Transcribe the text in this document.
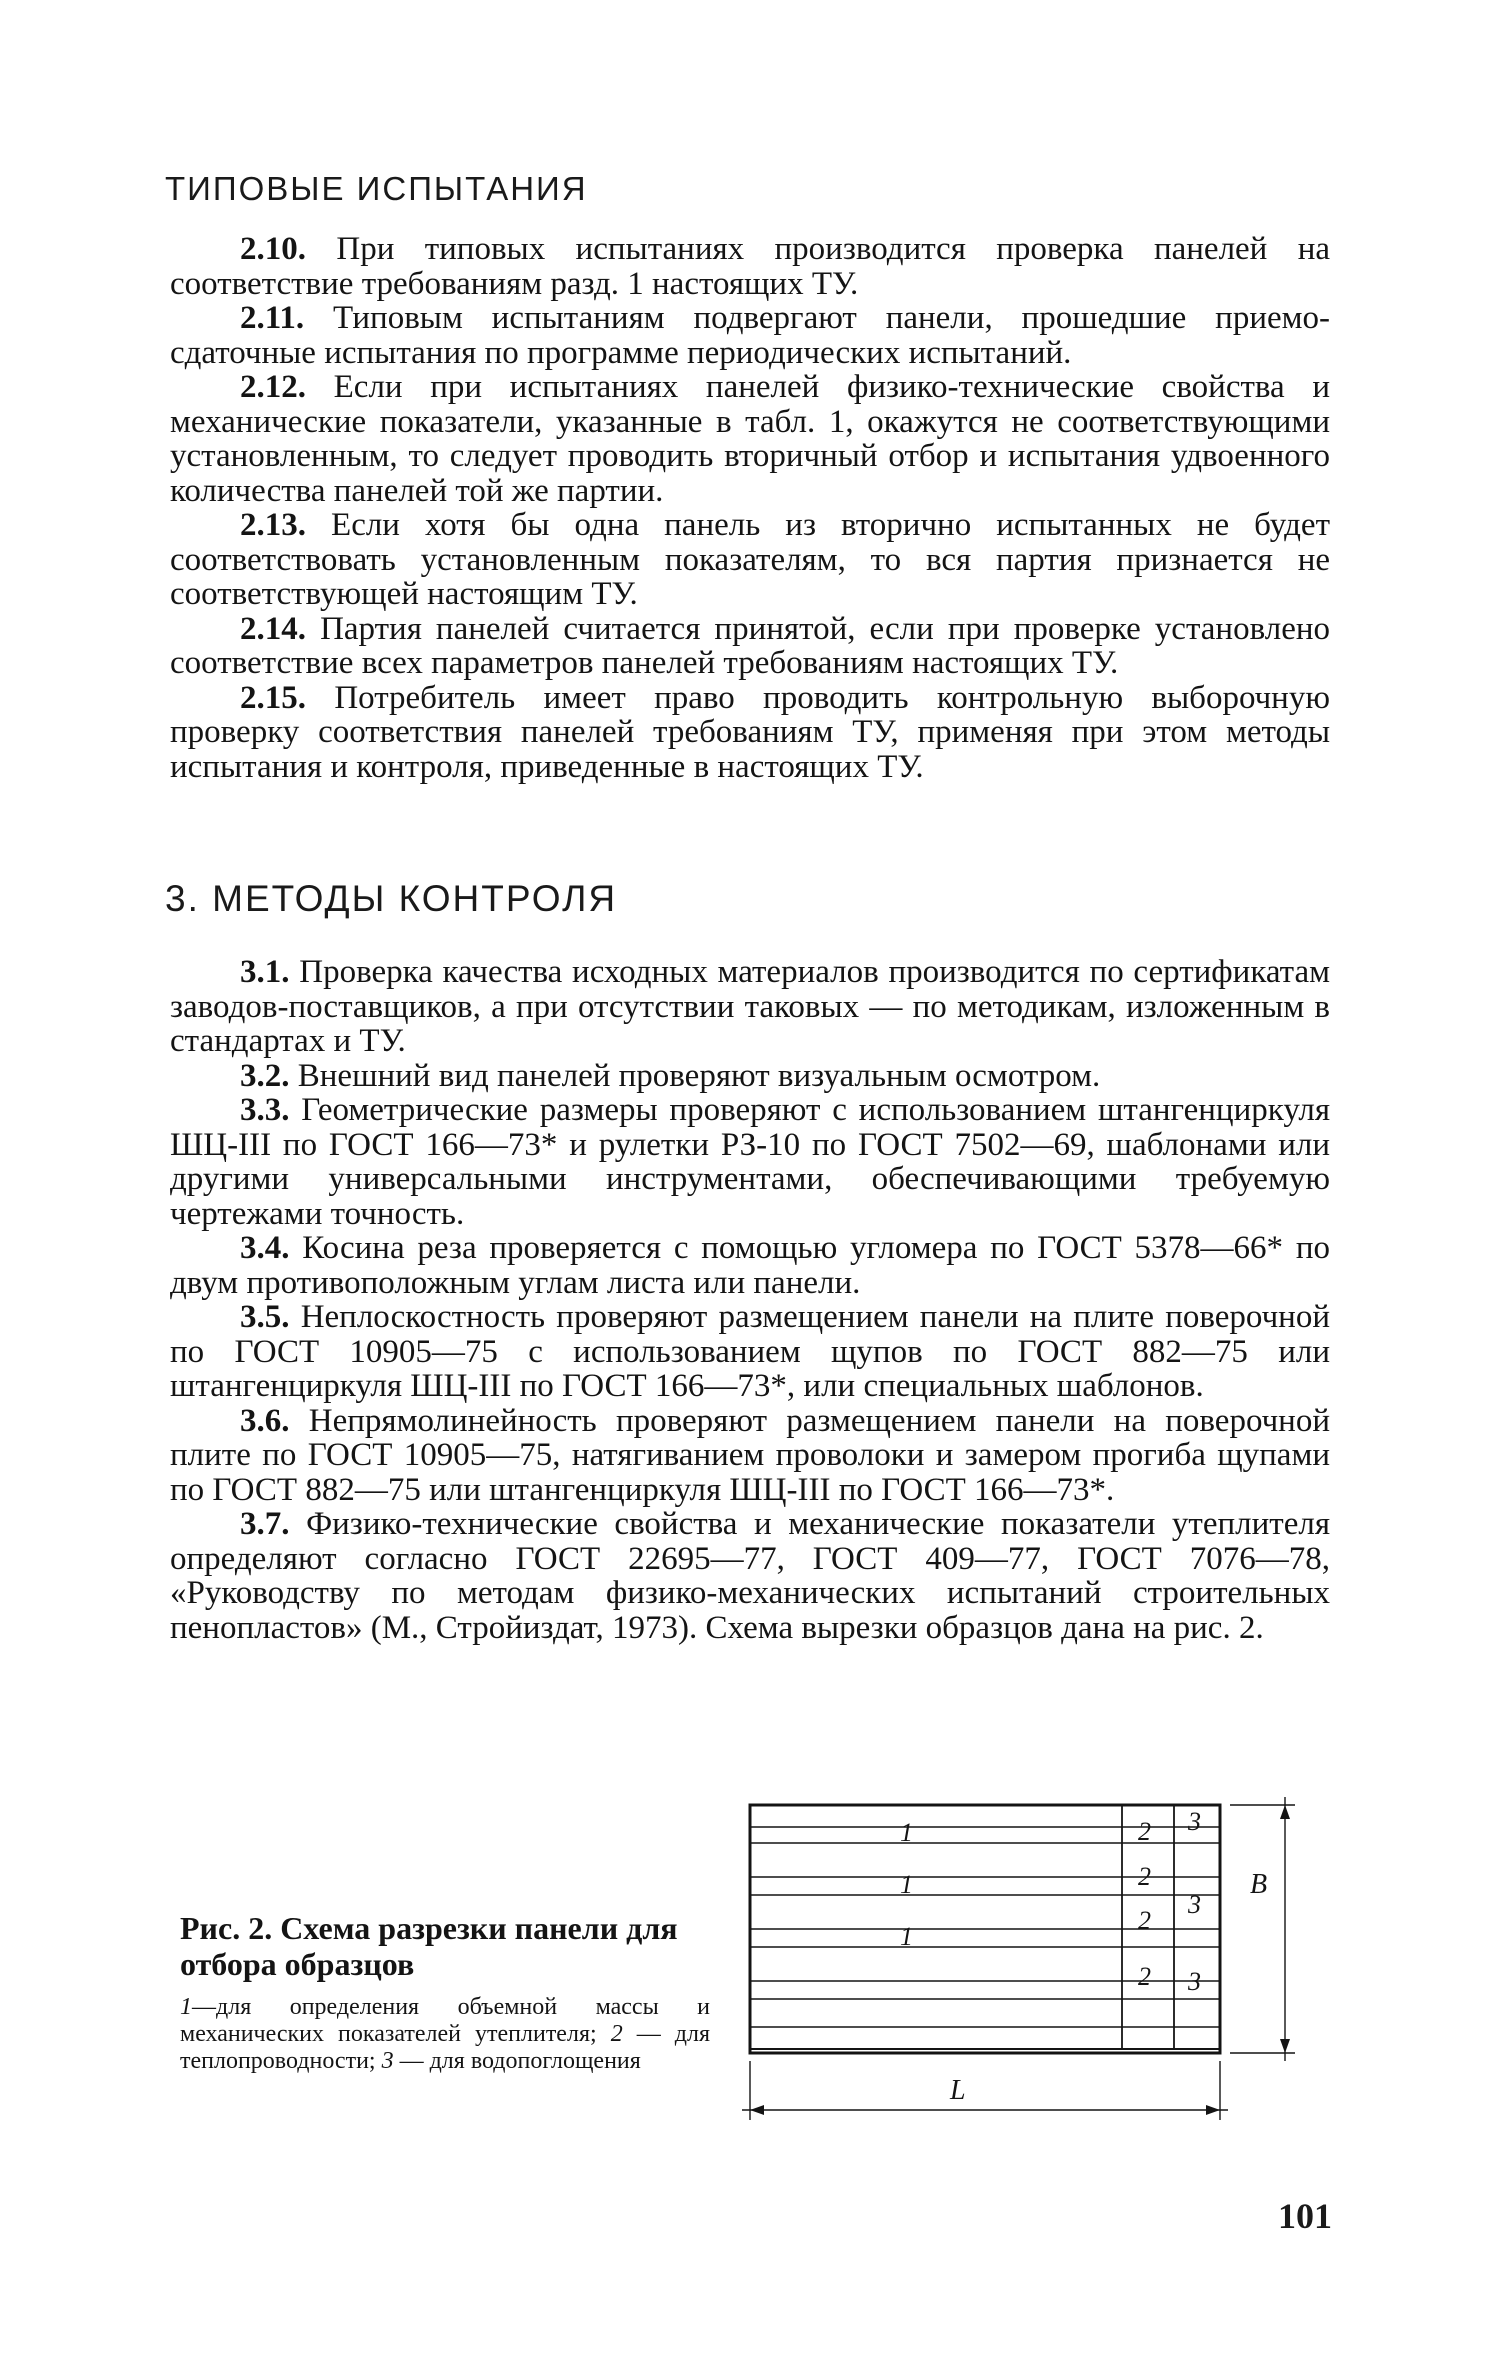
ТИПОВЫЕ ИСПЫТАНИЯ

2.10. При типовых испытаниях производится проверка панелей на соответствие требованиям разд. 1 настоящих ТУ.

2.11. Типовым испытаниям подвергают панели, прошедшие приемо-сдаточные испытания по программе периодических испытаний.

2.12. Если при испытаниях панелей физико-технические свойства и механические показатели, указанные в табл. 1, окажутся не соответствующими установленным, то следует проводить вторичный отбор и испытания удвоенного количества панелей той же партии.

2.13. Если хотя бы одна панель из вторично испытанных не будет соответствовать установленным показателям, то вся партия признается не соответствующей настоящим ТУ.

2.14. Партия панелей считается принятой, если при проверке установлено соответствие всех параметров панелей требованиям настоящих ТУ.

2.15. Потребитель имеет право проводить контрольную выборочную проверку соответствия панелей требованиям ТУ, применяя при этом методы испытания и контроля, приведенные в настоящих ТУ.

3. МЕТОДЫ КОНТРОЛЯ

3.1. Проверка качества исходных материалов производится по сертификатам заводов-поставщиков, а при отсутствии таковых — по методикам, изложенным в стандартах и ТУ.

3.2. Внешний вид панелей проверяют визуальным осмотром.

3.3. Геометрические размеры проверяют с использованием штангенциркуля ШЦ-III по ГОСТ 166—73* и рулетки РЗ-10 по ГОСТ 7502—69, шаблонами или другими универсальными инструментами, обеспечивающими требуемую чертежами точность.

3.4. Косина реза проверяется с помощью угломера по ГОСТ 5378—66* по двум противоположным углам листа или панели.

3.5. Неплоскостность проверяют размещением панели на плите поверочной по ГОСТ 10905—75 с использованием щупов по ГОСТ 882—75 или штангенциркуля ШЦ-III по ГОСТ 166—73*, или специальных шаблонов.

3.6. Непрямолинейность проверяют размещением панели на поверочной плите по ГОСТ 10905—75, натягиванием проволоки и замером прогиба щупами по ГОСТ 882—75 или штангенциркуля ШЦ-III по ГОСТ 166—73*.

3.7. Физико-технические свойства и механические показатели утеплителя определяют согласно ГОСТ 22695—77, ГОСТ 409—77, ГОСТ 7076—78, «Руководству по методам физико-механических испытаний строительных пенопластов» (М., Стройиздат, 1973). Схема вырезки образцов дана на рис. 2.

Рис. 2. Схема разрезки панели для отбора образцов

1—для определения объемной массы и механических показателей утеплителя; 2 — для теплопроводности; 3 — для водопоглощения

1
1
1
2
2
2
2
3
3
3
B
L
101
